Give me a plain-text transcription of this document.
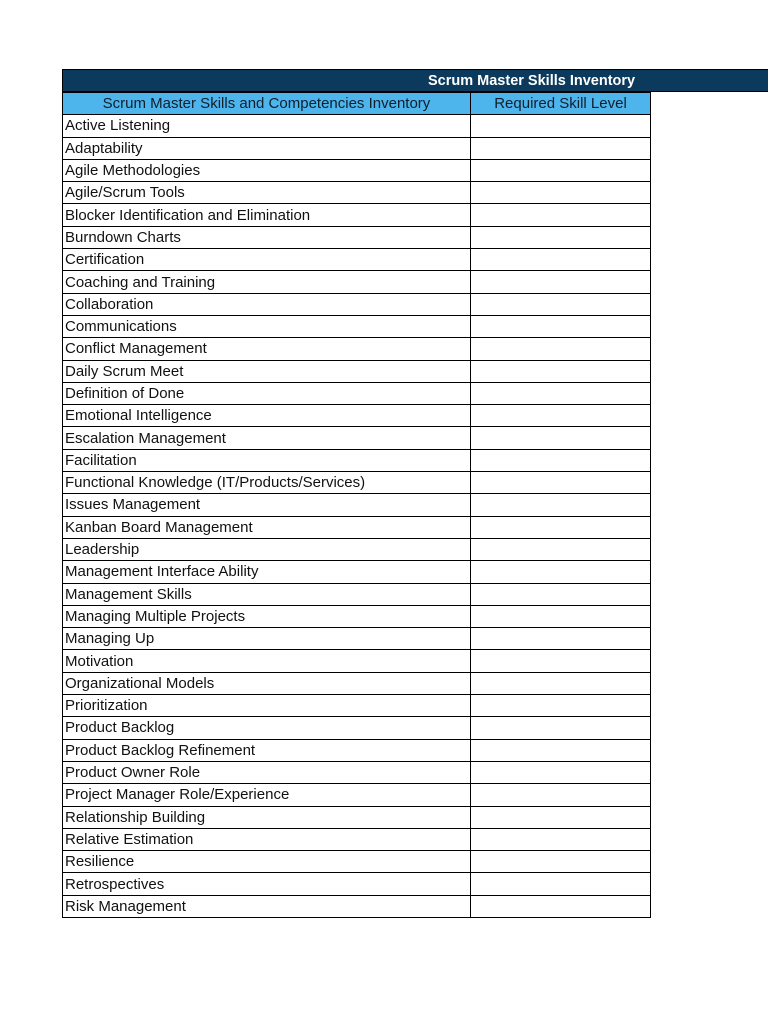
Scrum Master Skills Inventory
Scrum Master Skills and Competencies Inventory	Required Skill Level
Active Listening	
Adaptability	
Agile Methodologies	
Agile/Scrum Tools	
Blocker Identification and Elimination	
Burndown Charts	
Certification	
Coaching and Training	
Collaboration	
Communications	
Conflict Management	
Daily Scrum Meet	
Definition of Done	
Emotional Intelligence	
Escalation Management	
Facilitation	
Functional Knowledge (IT/Products/Services)	
Issues Management	
Kanban Board Management	
Leadership	
Management Interface Ability	
Management Skills	
Managing Multiple Projects	
Managing Up	
Motivation	
Organizational Models	
Prioritization	
Product Backlog	
Product Backlog Refinement	
Product Owner Role	
Project Manager Role/Experience	
Relationship Building	
Relative Estimation	
Resilience	
Retrospectives	
Risk Management	
